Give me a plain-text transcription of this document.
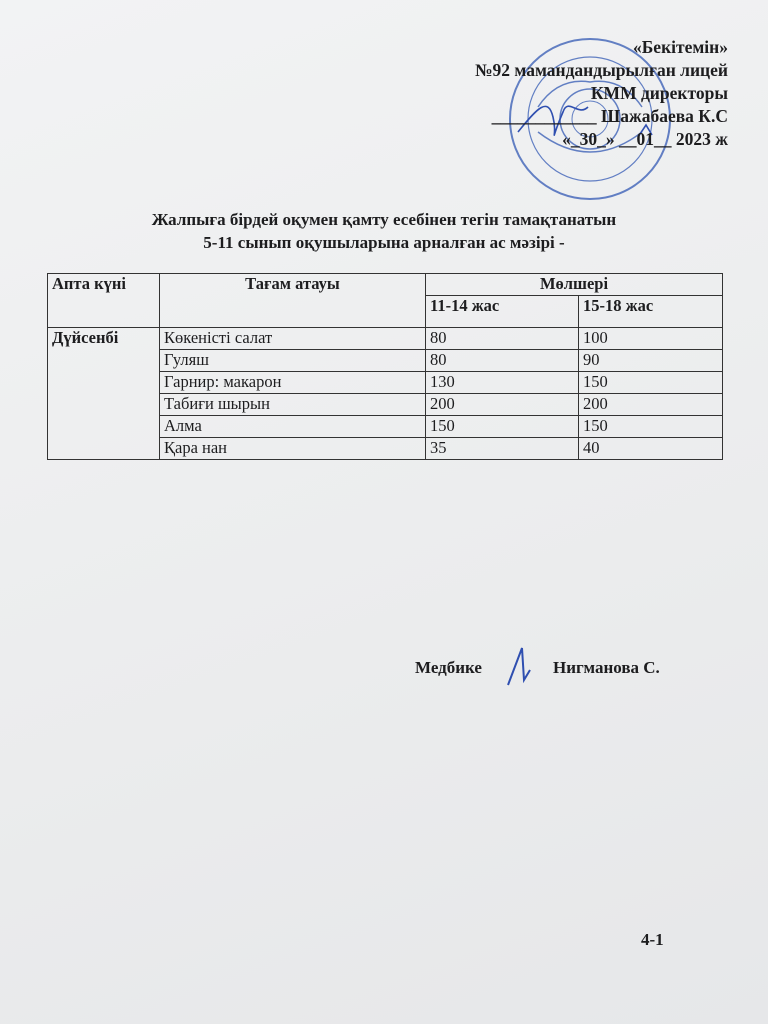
«Бекітемін»
№92 мамандандырылған лицей
КММ директоры
____________ Шажабаева К.С
«_30_» __01__ 2023 ж
Жалпыға бірдей оқумен қамту есебінен тегін тамақтанатын
5-11 сынып оқушыларына арналған ас мәзірі -
Апта күні	Тағам атауы	Мөлшері	
		11-14 жас	15-18 жас
Дүйсенбі	Көкеністі салат	80	100
	Гуляш	80	90
	Гарнир: макарон	130	150
	Табиғи шырын	200	200
	Алма	150	150
	Қара нан	35	40
Медбике	Нигманова С.
4-1
